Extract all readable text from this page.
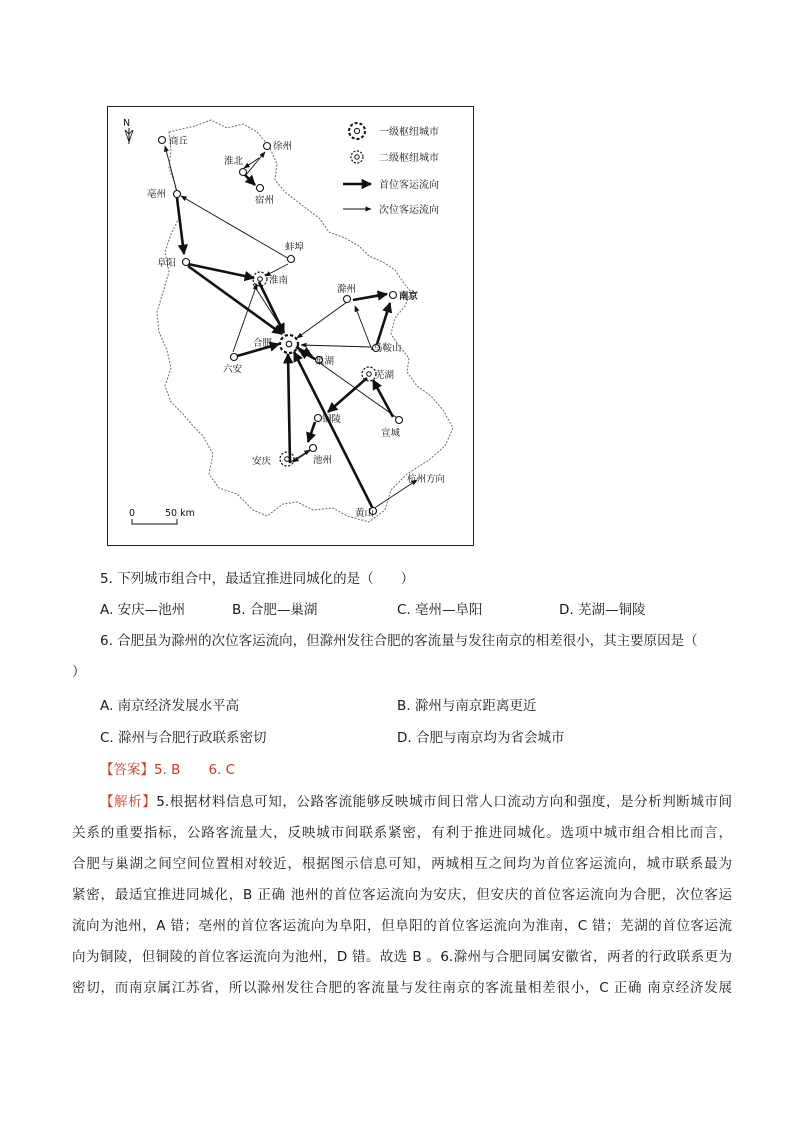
N
商丘	徐州
淮北
宿州
亳州
蚌埠
阜阳
淮南
滁州
南京
合肥	马鞍山
巢湖
六安
芜湖
铜陵
宣城
安庆	池州
杭州方向
黄山
一级枢纽城市
二级枢纽城市
首位客运流向
次位客运流向
0	50 km
5. 下列城市组合中，最适宜推进同城化的是（　　）
A. 安庆—池州	B. 合肥—巢湖	C. 亳州—阜阳	D. 芜湖—铜陵
6. 合肥虽为滁州的次位客运流向，但滁州发往合肥的客流量与发往南京的相差很小，其主要原因是（
）
A. 南京经济发展水平高	B. 滁州与南京距离更近
C. 滁州与合肥行政联系密切	D. 合肥与南京均为省会城市
【答案】5. B 6. C
【解析】5.根据材料信息可知，公路客流能够反映城市间日常人口流动方向和强度，是分析判断城市间
关系的重要指标，公路客流量大，反映城市间联系紧密，有利于推进同城化。选项中城市组合相比而言，
合肥与巢湖之间空间位置相对较近，根据图示信息可知，两城相互之间均为首位客运流向，城市联系最为
紧密，最适宜推进同城化，B 正确 池州的首位客运流向为安庆，但安庆的首位客运流向为合肥，次位客运
流向为池州，A 错；亳州的首位客运流向为阜阳，但阜阳的首位客运流向为淮南，C 错；芜湖的首位客运流
向为铜陵，但铜陵的首位客运流向为池州，D 错。故选 B 。6.滁州与合肥同属安徽省，两者的行政联系更为
密切，而南京属江苏省，所以滁州发往合肥的客流量与发往南京的客流量相差很小，C 正确 南京经济发展
